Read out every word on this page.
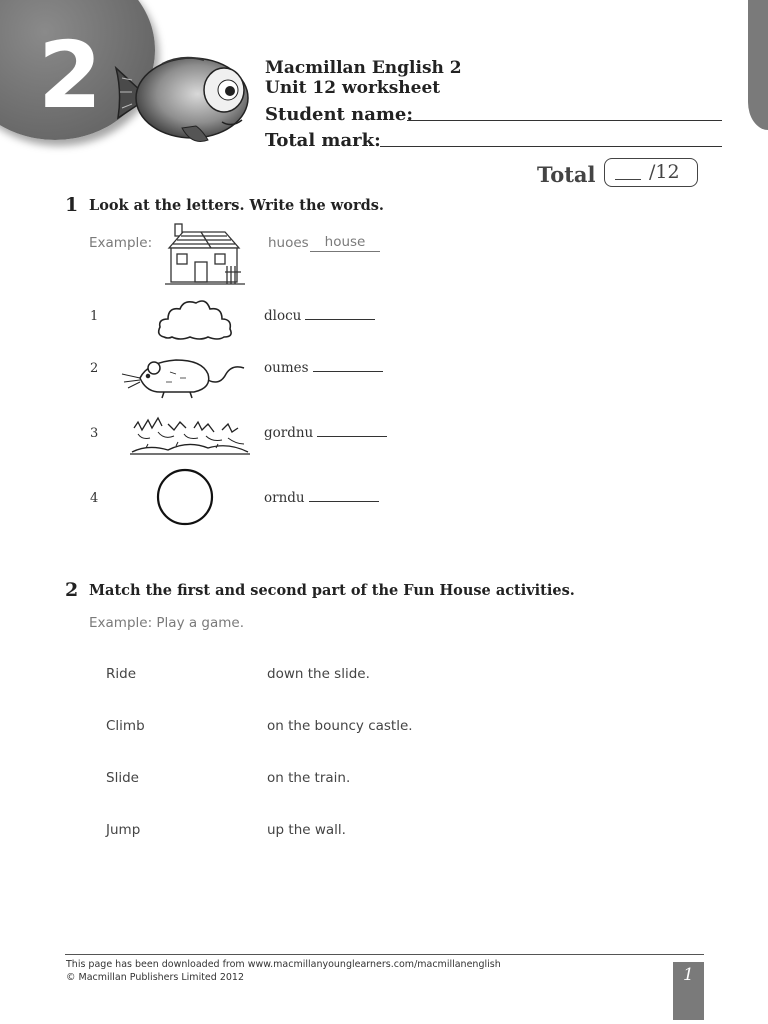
2	Macmillan English 2
Unit 12 worksheet
Student name:
Total mark:
Total	/12
1 Look at the letters. Write the words.
Example:	huoes	house
1	dlocu
2	oumes
3	gordnu
4	orndu
2 Match the first and second part of the Fun House activities.
Example: Play a game.
Ride	down the slide.
Climb	on the bouncy castle.
Slide	on the train.
Jump	up the wall.
This page has been downloaded from www.macmillanyounglearners.com/macmillanenglish
© Macmillan Publishers Limited 2012	1
